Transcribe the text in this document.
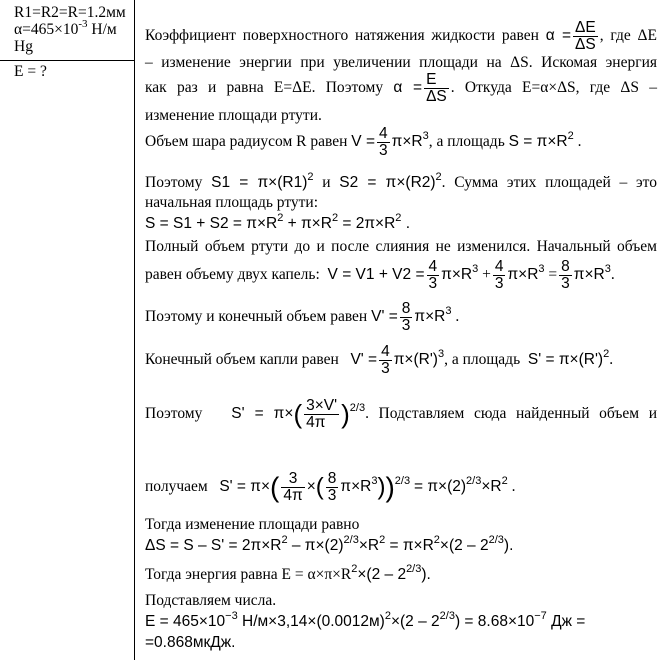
R1=R2=R=1.2мм
$\alpha=465\times 10^{-3}$ Н/м
Hg
E = ?
Коэффициент поверхностного натяжения жидкости равен $\alpha = \frac{\Delta E}{\Delta S}$ , где ΔE
– изменение энергии при увеличении площади на ΔS. Искомая энергия
как раз и равна E=ΔE. Поэтому $\alpha = \frac{E}{\Delta S}$ . Откуда E=α×ΔS, где ΔS –
изменение площади ртути.
Объем шара радиусом R равен $V = \frac{4}{3} \pi\times R^3$, а площадь $S = \pi\times R^2$ .
Поэтому $S1 = \pi\times(R1)^2$ и $S2 = \pi\times(R2)^2$. Сумма этих площадей – это
начальная площадь ртути:
$S = S1 + S2 = \pi\times R^2 + \pi\times R^2 = 2\pi\times R^2$ .
Полный объем ртути до и после слияния не изменился. Начальный объем
равен объему двух капель: $V = V1 + V2 = \frac{4}{3} \pi\times R^3 + \frac{4}{3} \pi\times R^3 = \frac{8}{3} \pi\times R^3$.
Поэтому и конечный объем равен $V' = \frac{8}{3} \pi\times R^3$ .
Конечный объем капли равен $V' = \frac{4}{3} \pi\times(R')^3$, а площадь $S' = \pi\times(R')^2$.
Поэтому $S' = \pi\times( \frac{3\times V'}{4\pi} )^{2/3}$. Подставляем сюда найденный объем и
получаем $S' = \pi\times( \frac{3}{4\pi}$ ×( $\frac{8}{3} \pi\times R^3))^{2/3} = \pi\times(2)^{2/3}\times R^2$ .
Тогда изменение площади равно
$\Delta S = S - S' = 2\pi\times R^2 - \pi\times(2)^{2/3}\times R^2 = \pi\times R^2\times(2 - 2^{2/3})$.
Тогда энергия равна $E = \alpha\times\pi\times R^2\times(2 - 2^{2/3})$.
Подставляем числа.
$E = 465\times 10^{-3}$ $Н/м\times 3,14\times(0.0012м)^2\times(2 - 2^{2/3}) = 8.68\times 10^{-7}$ Дж =
=0.868мкДж.
